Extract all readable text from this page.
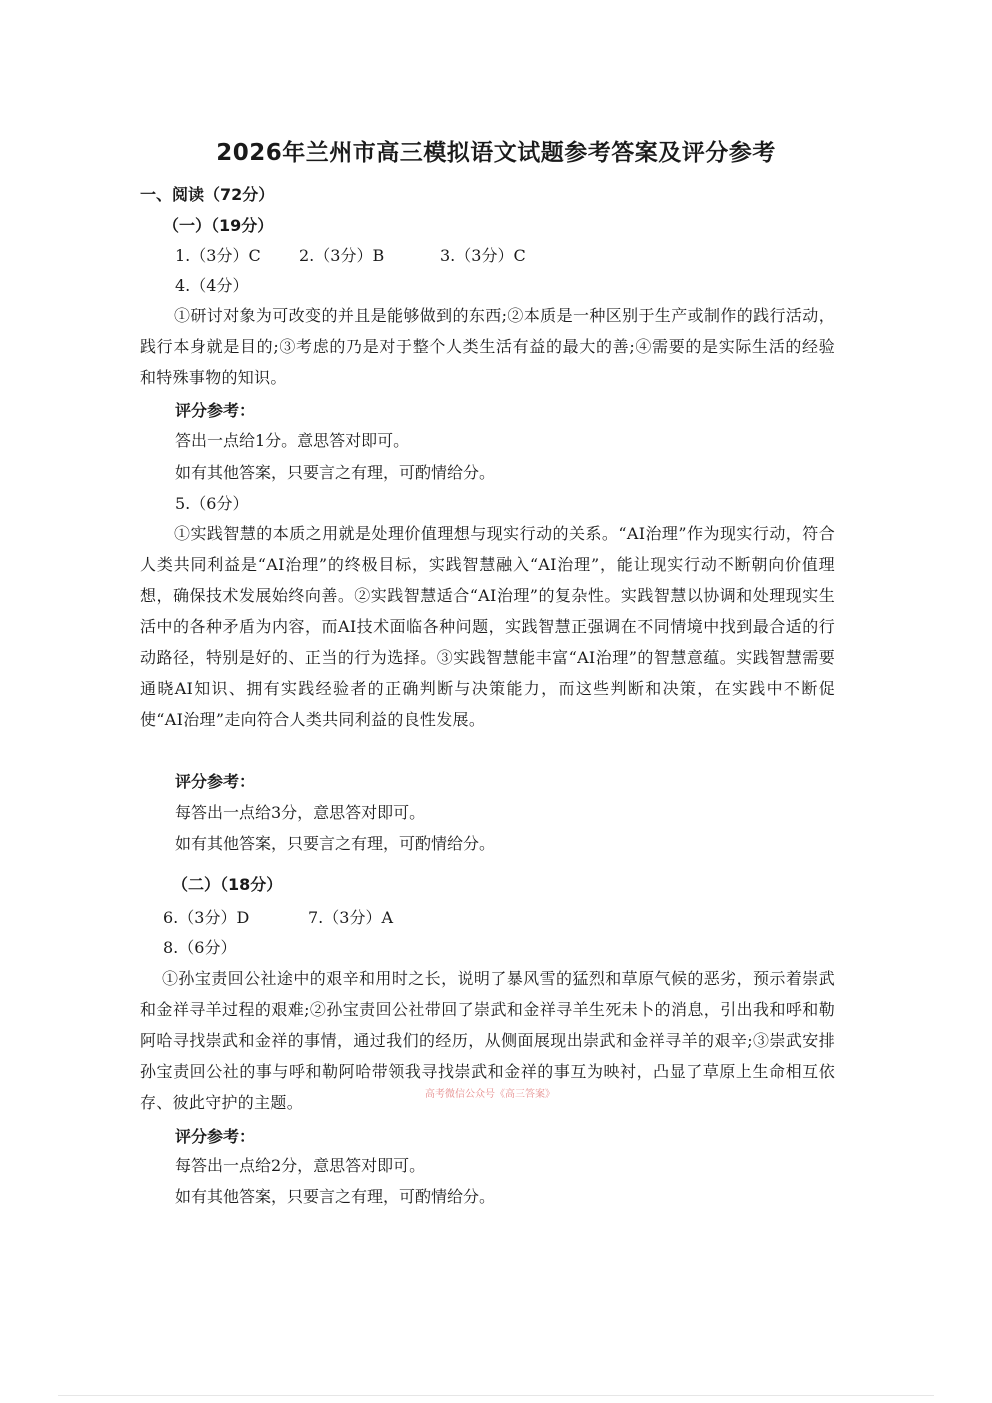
2026年兰州市高三模拟语文试题参考答案及评分参考
一、阅读（72分）
（一）（19分）
1.（3分）C 2.（3分）B	3.（3分）C
4.（4分）
①研讨对象为可改变的并且是能够做到的东西;②本质是一种区别于生产或制作的践行活动，践行本身就是目的;③考虑的乃是对于整个人类生活有益的最大的善;④需要的是实际生活的经验和特殊事物的知识。
评分参考：
答出一点给1分。意思答对即可。
如有其他答案，只要言之有理，可酌情给分。
5.（6分）
①实践智慧的本质之用就是处理价值理想与现实行动的关系。“AI治理”作为现实行动，符合人类共同利益是“AI治理”的终极目标，实践智慧融入“AI治理”，能让现实行动不断朝向价值理想，确保技术发展始终向善。②实践智慧适合“AI治理”的复杂性。实践智慧以协调和处理现实生活中的各种矛盾为内容，而AI技术面临各种问题，实践智慧正强调在不同情境中找到最合适的行动路径，特别是好的、正当的行为选择。③实践智慧能丰富“AI治理”的智慧意蕴。实践智慧需要通晓AI知识、拥有实践经验者的正确判断与决策能力，而这些判断和决策，在实践中不断促使“AI治理”走向符合人类共同利益的良性发展。
评分参考：
每答出一点给3分，意思答对即可。
如有其他答案，只要言之有理，可酌情给分。
（二）（18分）
6.（3分）D	7.（3分）A
8.（6分）
①孙宝责回公社途中的艰辛和用时之长，说明了暴风雪的猛烈和草原气候的恶劣，预示着崇武和金祥寻羊过程的艰难;②孙宝责回公社带回了崇武和金祥寻羊生死未卜的消息，引出我和呼和勒阿哈寻找崇武和金祥的事情，通过我们的经历，从侧面展现出崇武和金祥寻羊的艰辛;③崇武安排孙宝责回公社的事与呼和勒阿哈带领我寻找崇武和金祥的事互为映衬，凸显了草原上生命相互依存、彼此守护的主题。	高考微信公众号《高三答案》
评分参考：
每答出一点给2分，意思答对即可。
如有其他答案，只要言之有理，可酌情给分。
